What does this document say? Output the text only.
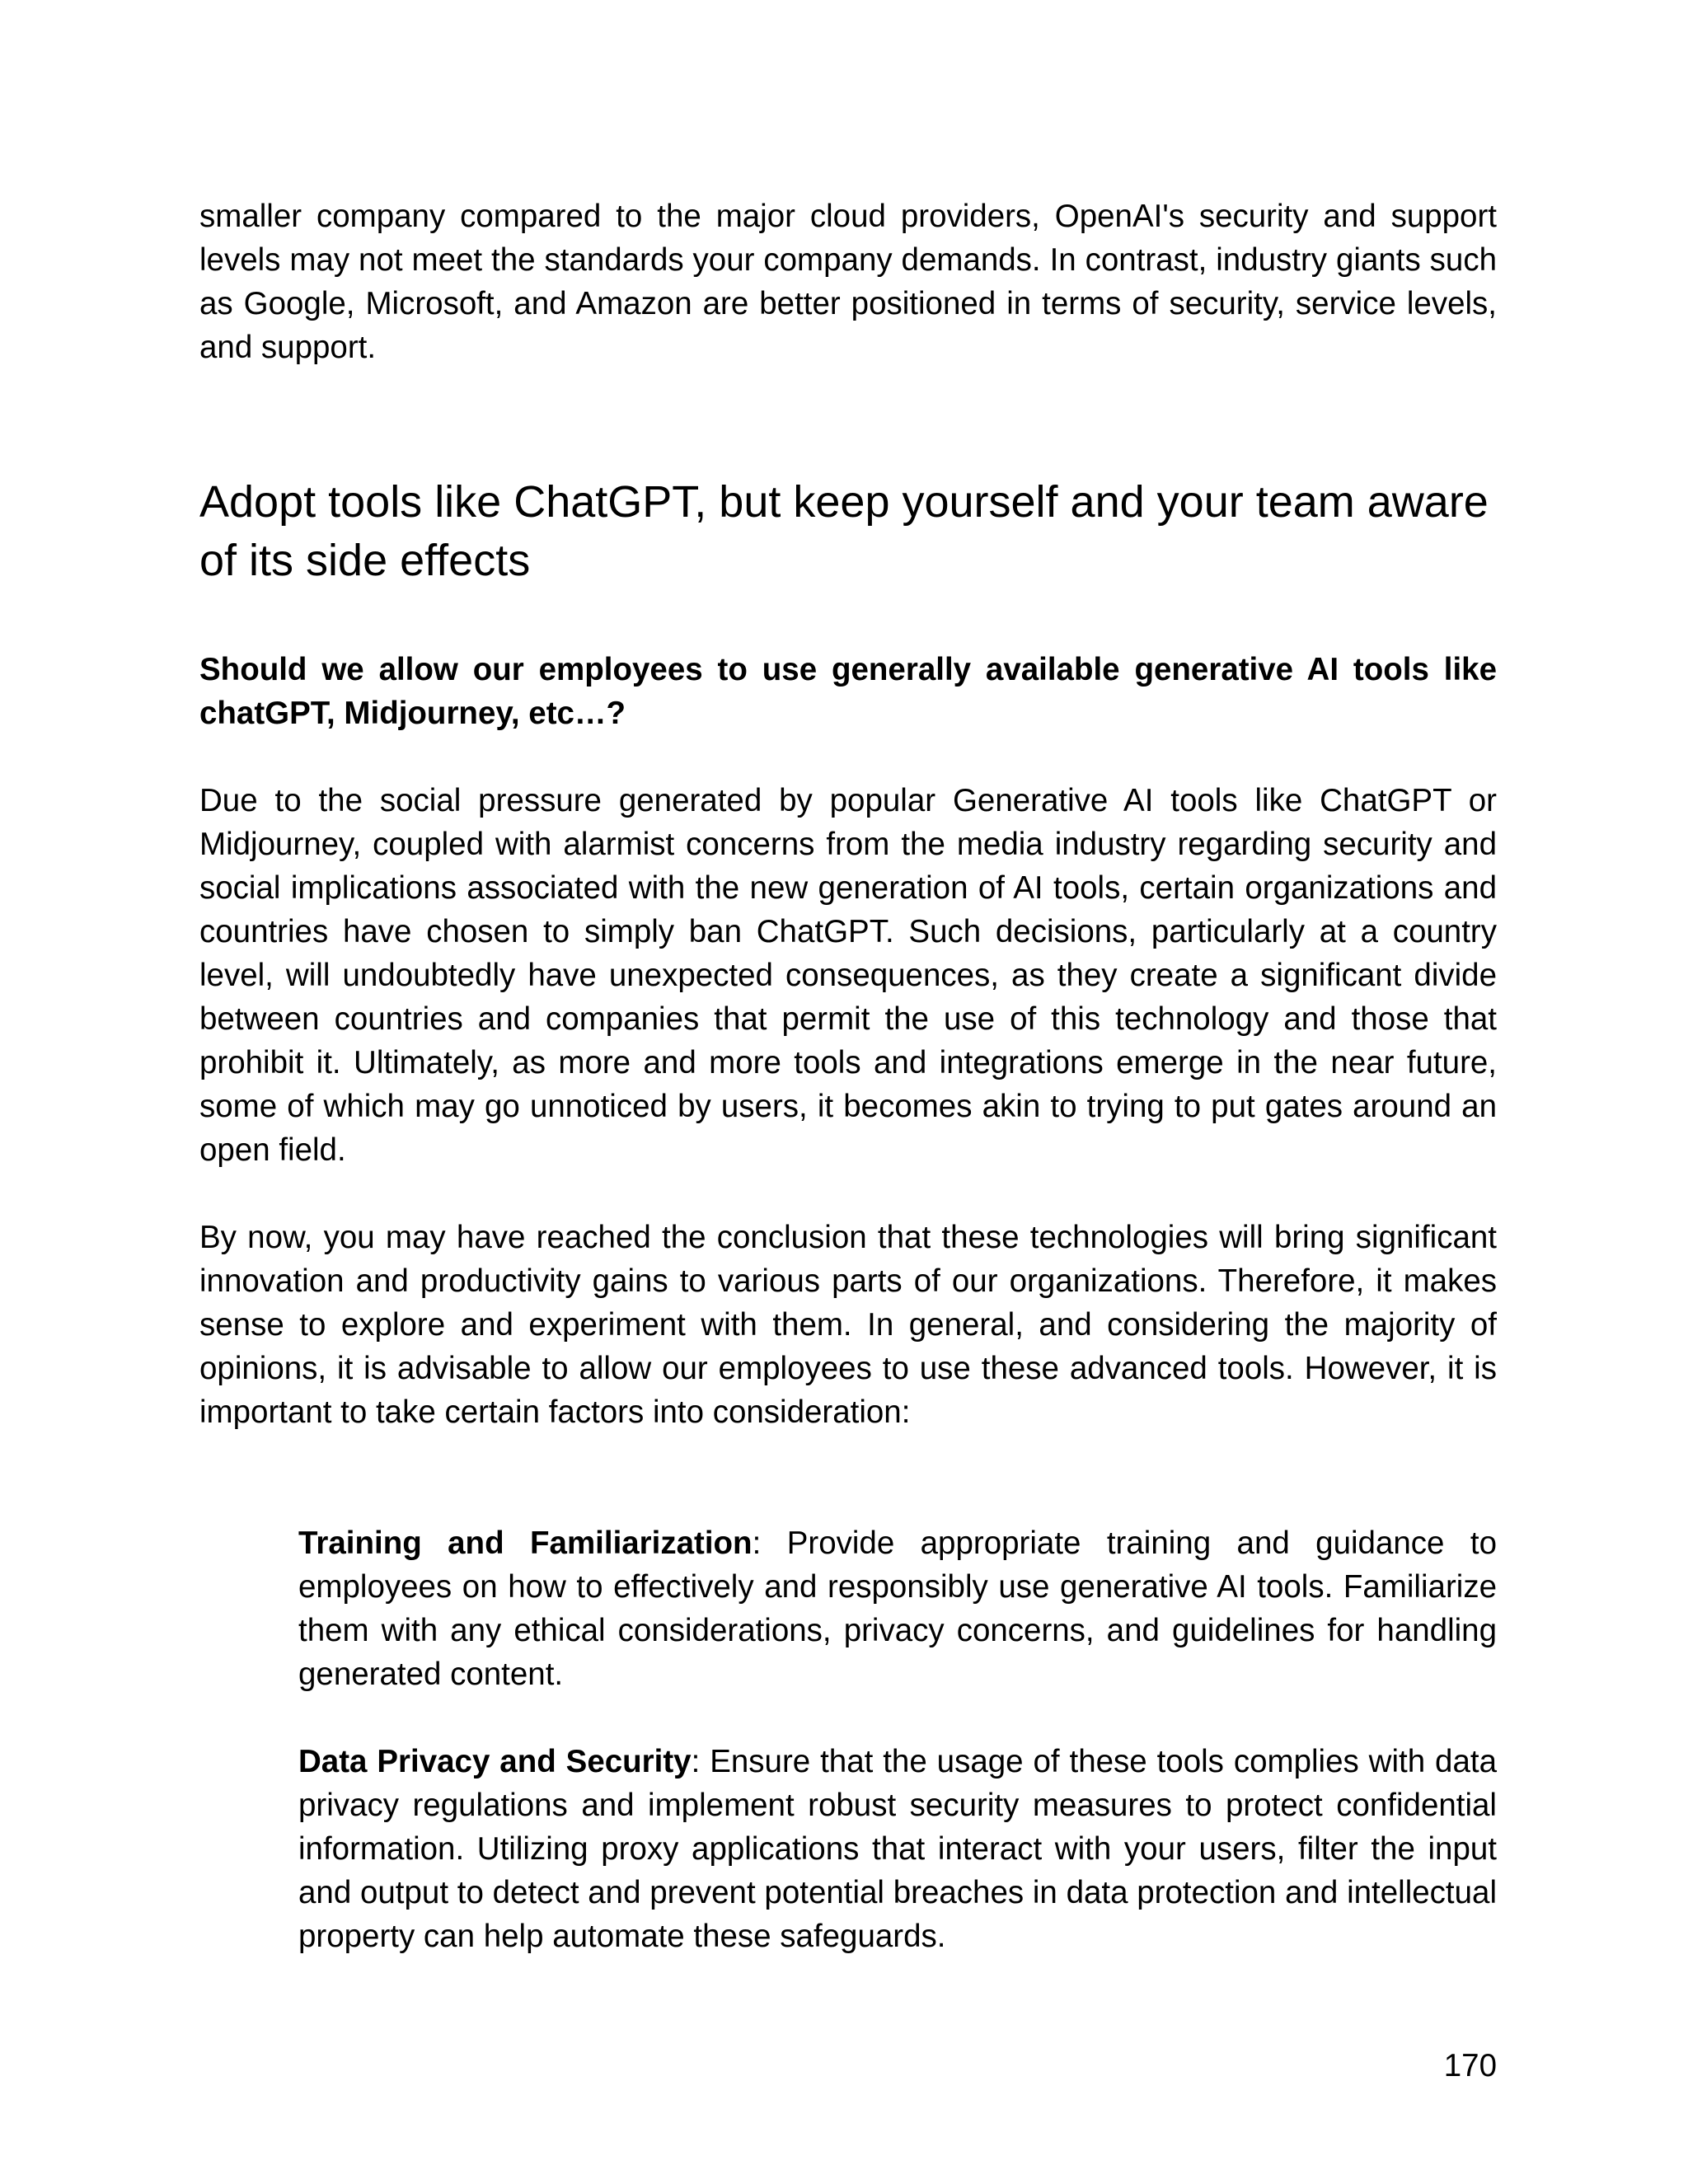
smaller company compared to the major cloud providers, OpenAI's security and support levels may not meet the standards your company demands. In contrast, industry giants such as Google, Microsoft, and Amazon are better positioned in terms of security, service levels, and support.

Adopt tools like ChatGPT, but keep yourself and your team aware of its side effects

Should we allow our employees to use generally available generative AI tools like chatGPT, Midjourney, etc…?

Due to the social pressure generated by popular Generative AI tools like ChatGPT or Midjourney, coupled with alarmist concerns from the media industry regarding security and social implications associated with the new generation of AI tools, certain organizations and countries have chosen to simply ban ChatGPT. Such decisions, particularly at a country level, will undoubtedly have unexpected consequences, as they create a significant divide between countries and companies that permit the use of this technology and those that prohibit it. Ultimately, as more and more tools and integrations emerge in the near future, some of which may go unnoticed by users, it becomes akin to trying to put gates around an open field.

By now, you may have reached the conclusion that these technologies will bring significant innovation and productivity gains to various parts of our organizations. Therefore, it makes sense to explore and experiment with them. In general, and considering the majority of opinions, it is advisable to allow our employees to use these advanced tools. However, it is important to take certain factors into consideration:

Training and Familiarization: Provide appropriate training and guidance to employees on how to effectively and responsibly use generative AI tools. Familiarize them with any ethical considerations, privacy concerns, and guidelines for handling generated content.
Data Privacy and Security: Ensure that the usage of these tools complies with data privacy regulations and implement robust security measures to protect confidential information. Utilizing proxy applications that interact with your users, filter the input and output to detect and prevent potential breaches in data protection and intellectual property can help automate these safeguards.
170
